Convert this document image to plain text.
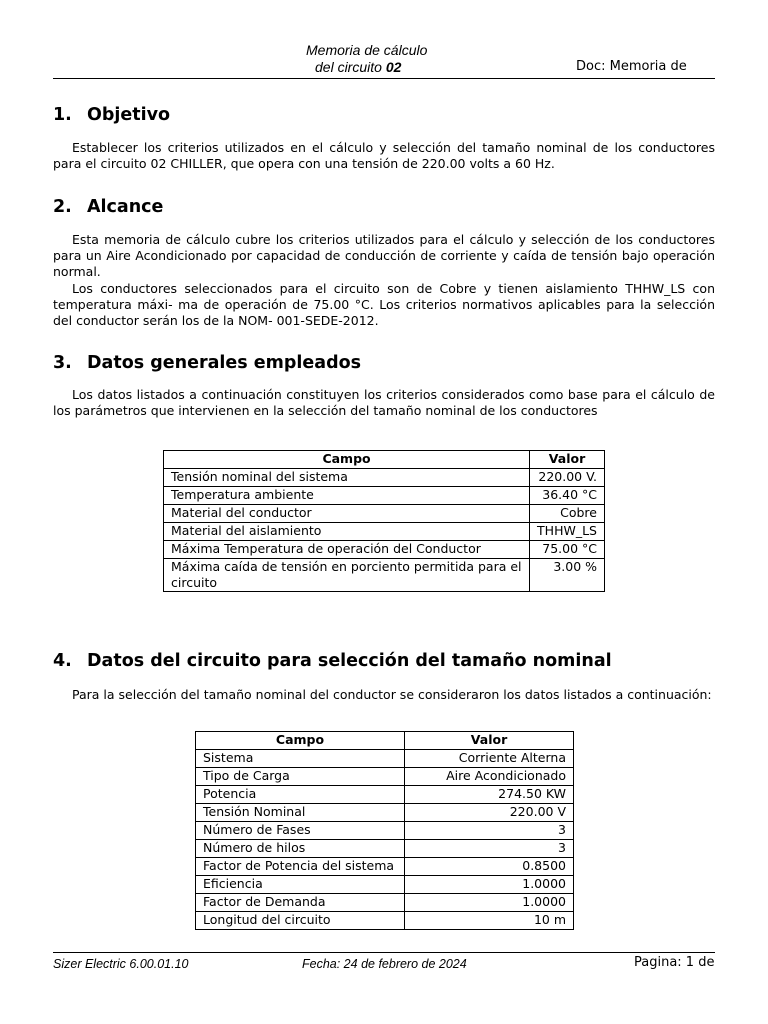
Memoria de cálculo
del circuito 02	Doc: Memoria de
1. Objetivo

Establecer los criterios utilizados en el cálculo y selección del tamaño nominal de los conductores para el circuito 02 CHILLER, que opera con una tensión de 220.00 volts a 60 Hz.

2. Alcance

Esta memoria de cálculo cubre los criterios utilizados para el cálculo y selección de los conductores para un Aire Acondicionado por capacidad de conducción de corriente y caída de tensión bajo operación normal.

Los conductores seleccionados para el circuito son de Cobre y tienen aislamiento THHW_LS con temperatura máxi- ma de operación de 75.00 °C. Los criterios normativos aplicables para la selección del conductor serán los de la NOM- 001-SEDE-2012.

3. Datos generales empleados

Los datos listados a continuación constituyen los criterios considerados como base para el cálculo de los parámetros que intervienen en la selección del tamaño nominal de los conductores

Campo	Valor
Tensión nominal del sistema	220.00 V.
Temperatura ambiente	36.40 °C
Material del conductor	Cobre
Material del aislamiento	THHW_LS
Máxima Temperatura de operación del Conductor	75.00 °C
Máxima caída de tensión en porciento permitida para el circuito	3.00 %
4. Datos del circuito para selección del tamaño nominal

Para la selección del tamaño nominal del conductor se consideraron los datos listados a continuación:

Campo	Valor
Sistema	Corriente Alterna
Tipo de Carga	Aire Acondicionado
Potencia	274.50 KW
Tensión Nominal	220.00 V
Número de Fases	3
Número de hilos	3
Factor de Potencia del sistema	0.8500
Eficiencia	1.0000
Factor de Demanda	1.0000
Longitud del circuito	10 m
Sizer Electric 6.00.01.10	Fecha: 24 de febrero de 2024	Pagina: 1 de
